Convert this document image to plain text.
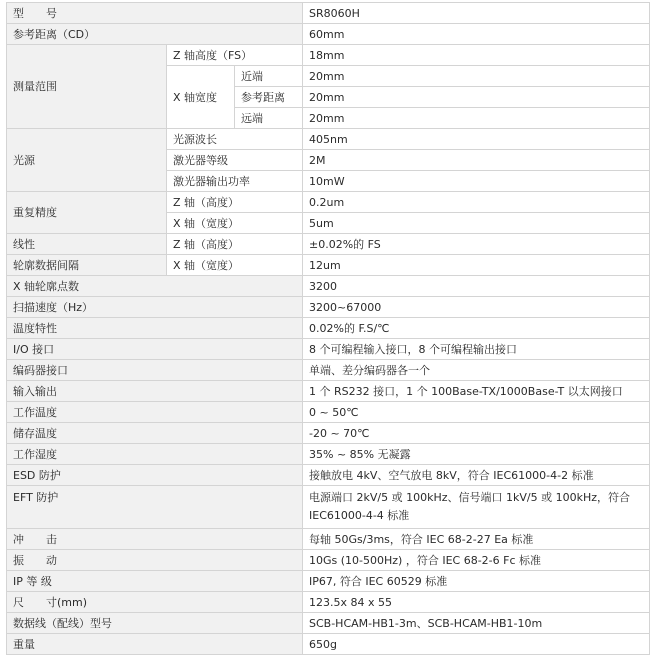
型　　号			SR8060H
参考距离（CD）			60mm
测量范围	Z 轴高度（FS）		18mm
	X 轴宽度	近端	20mm
		参考距离	20mm
		远端	20mm
光源	光源波长		405nm
	激光器等级		2M
	激光器输出功率		10mW
重复精度	Z 轴（高度）		0.2um
	X 轴（宽度）		5um
线性	Z 轴（高度）		±0.02%的 FS
轮廓数据间隔	X 轴（宽度）		12um
X 轴轮廓点数			3200
扫描速度（Hz）			3200~67000
温度特性			0.02%的 F.S/℃
I/O 接口			8 个可编程输入接口，8 个可编程输出接口
编码器接口			单端、差分编码器各一个
输入输出			1 个 RS232 接口，1 个 100Base-TX/1000Base-T 以太网接口
工作温度			0 ~ 50℃
储存温度			-20 ~ 70℃
工作湿度			35% ~ 85% 无凝露
ESD 防护			接触放电 4kV、空气放电 8kV，符合 IEC61000-4-2 标准
EFT 防护			电源端口 2kV/5 或 100kHz、信号端口 1kV/5 或 100kHz，符合 IEC61000-4-4 标准
冲　　击			每轴 50Gs/3ms，符合 IEC 68-2-27 Ea 标准
振　　动			10Gs (10-500Hz) ，符合 IEC 68-2-6 Fc 标准
IP 等 级			IP67, 符合 IEC 60529 标准
尺　　寸(mm)			123.5x 84 x 55
数据线（配线）型号			SCB-HCAM-HB1-3m、SCB-HCAM-HB1-10m
重量			650g
